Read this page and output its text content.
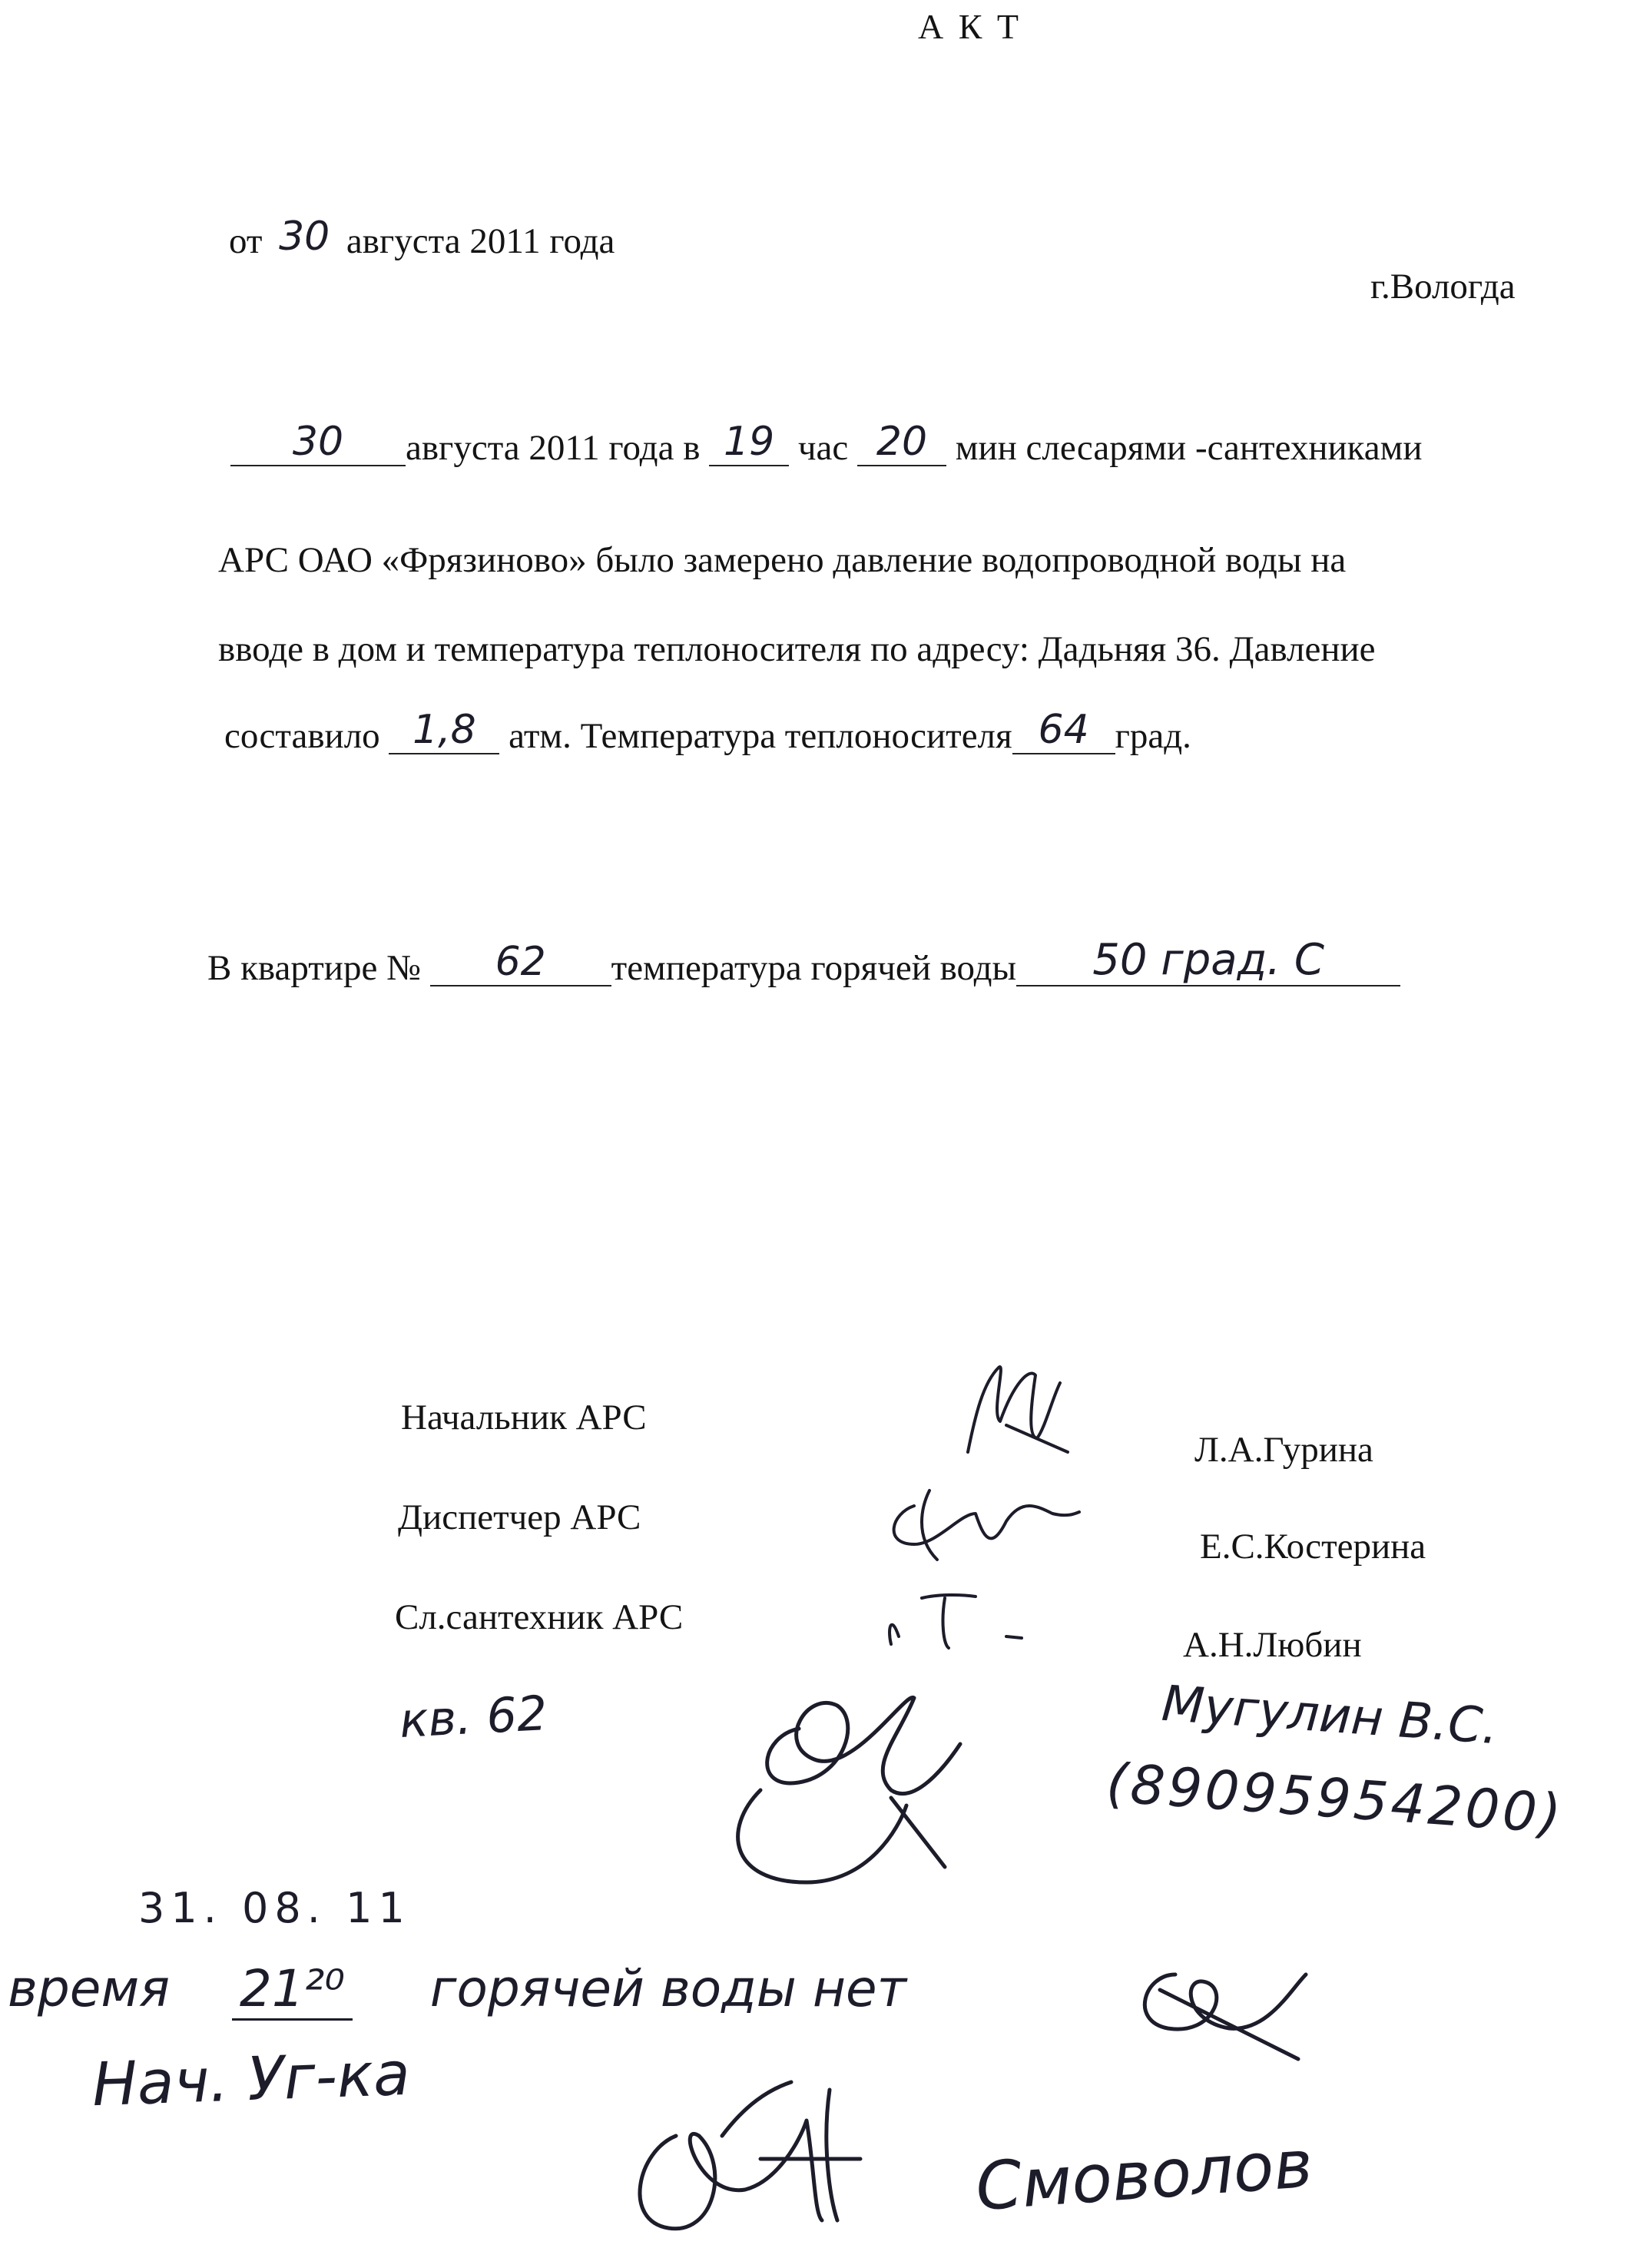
А К Т
от 30 августа 2011 года
г.Вологда
30	августа 2011 года в 19 час 20 мин слесарями -сантехниками
АРС ОАО «Фрязиново» было замерено давление водопроводной воды на
вводе в дом и температура теплоносителя по адресу: Дадьняя 36. Давление
составило 1,8 атм. Температура теплоносителя 64 град.
В квартире №	62	температура горячей воды	50 град. С
Начальник АРС
Л.А.Гурина
Диспетчер АРС
Е.С.Костерина
Сл.сантехник АРС
А.Н.Любин
кв. 62	Мугулин В.С.
(89095954200)
31. 08. 11
время 21²⁰ горячей воды нет
Нач. Уг-ка
Смоволов
